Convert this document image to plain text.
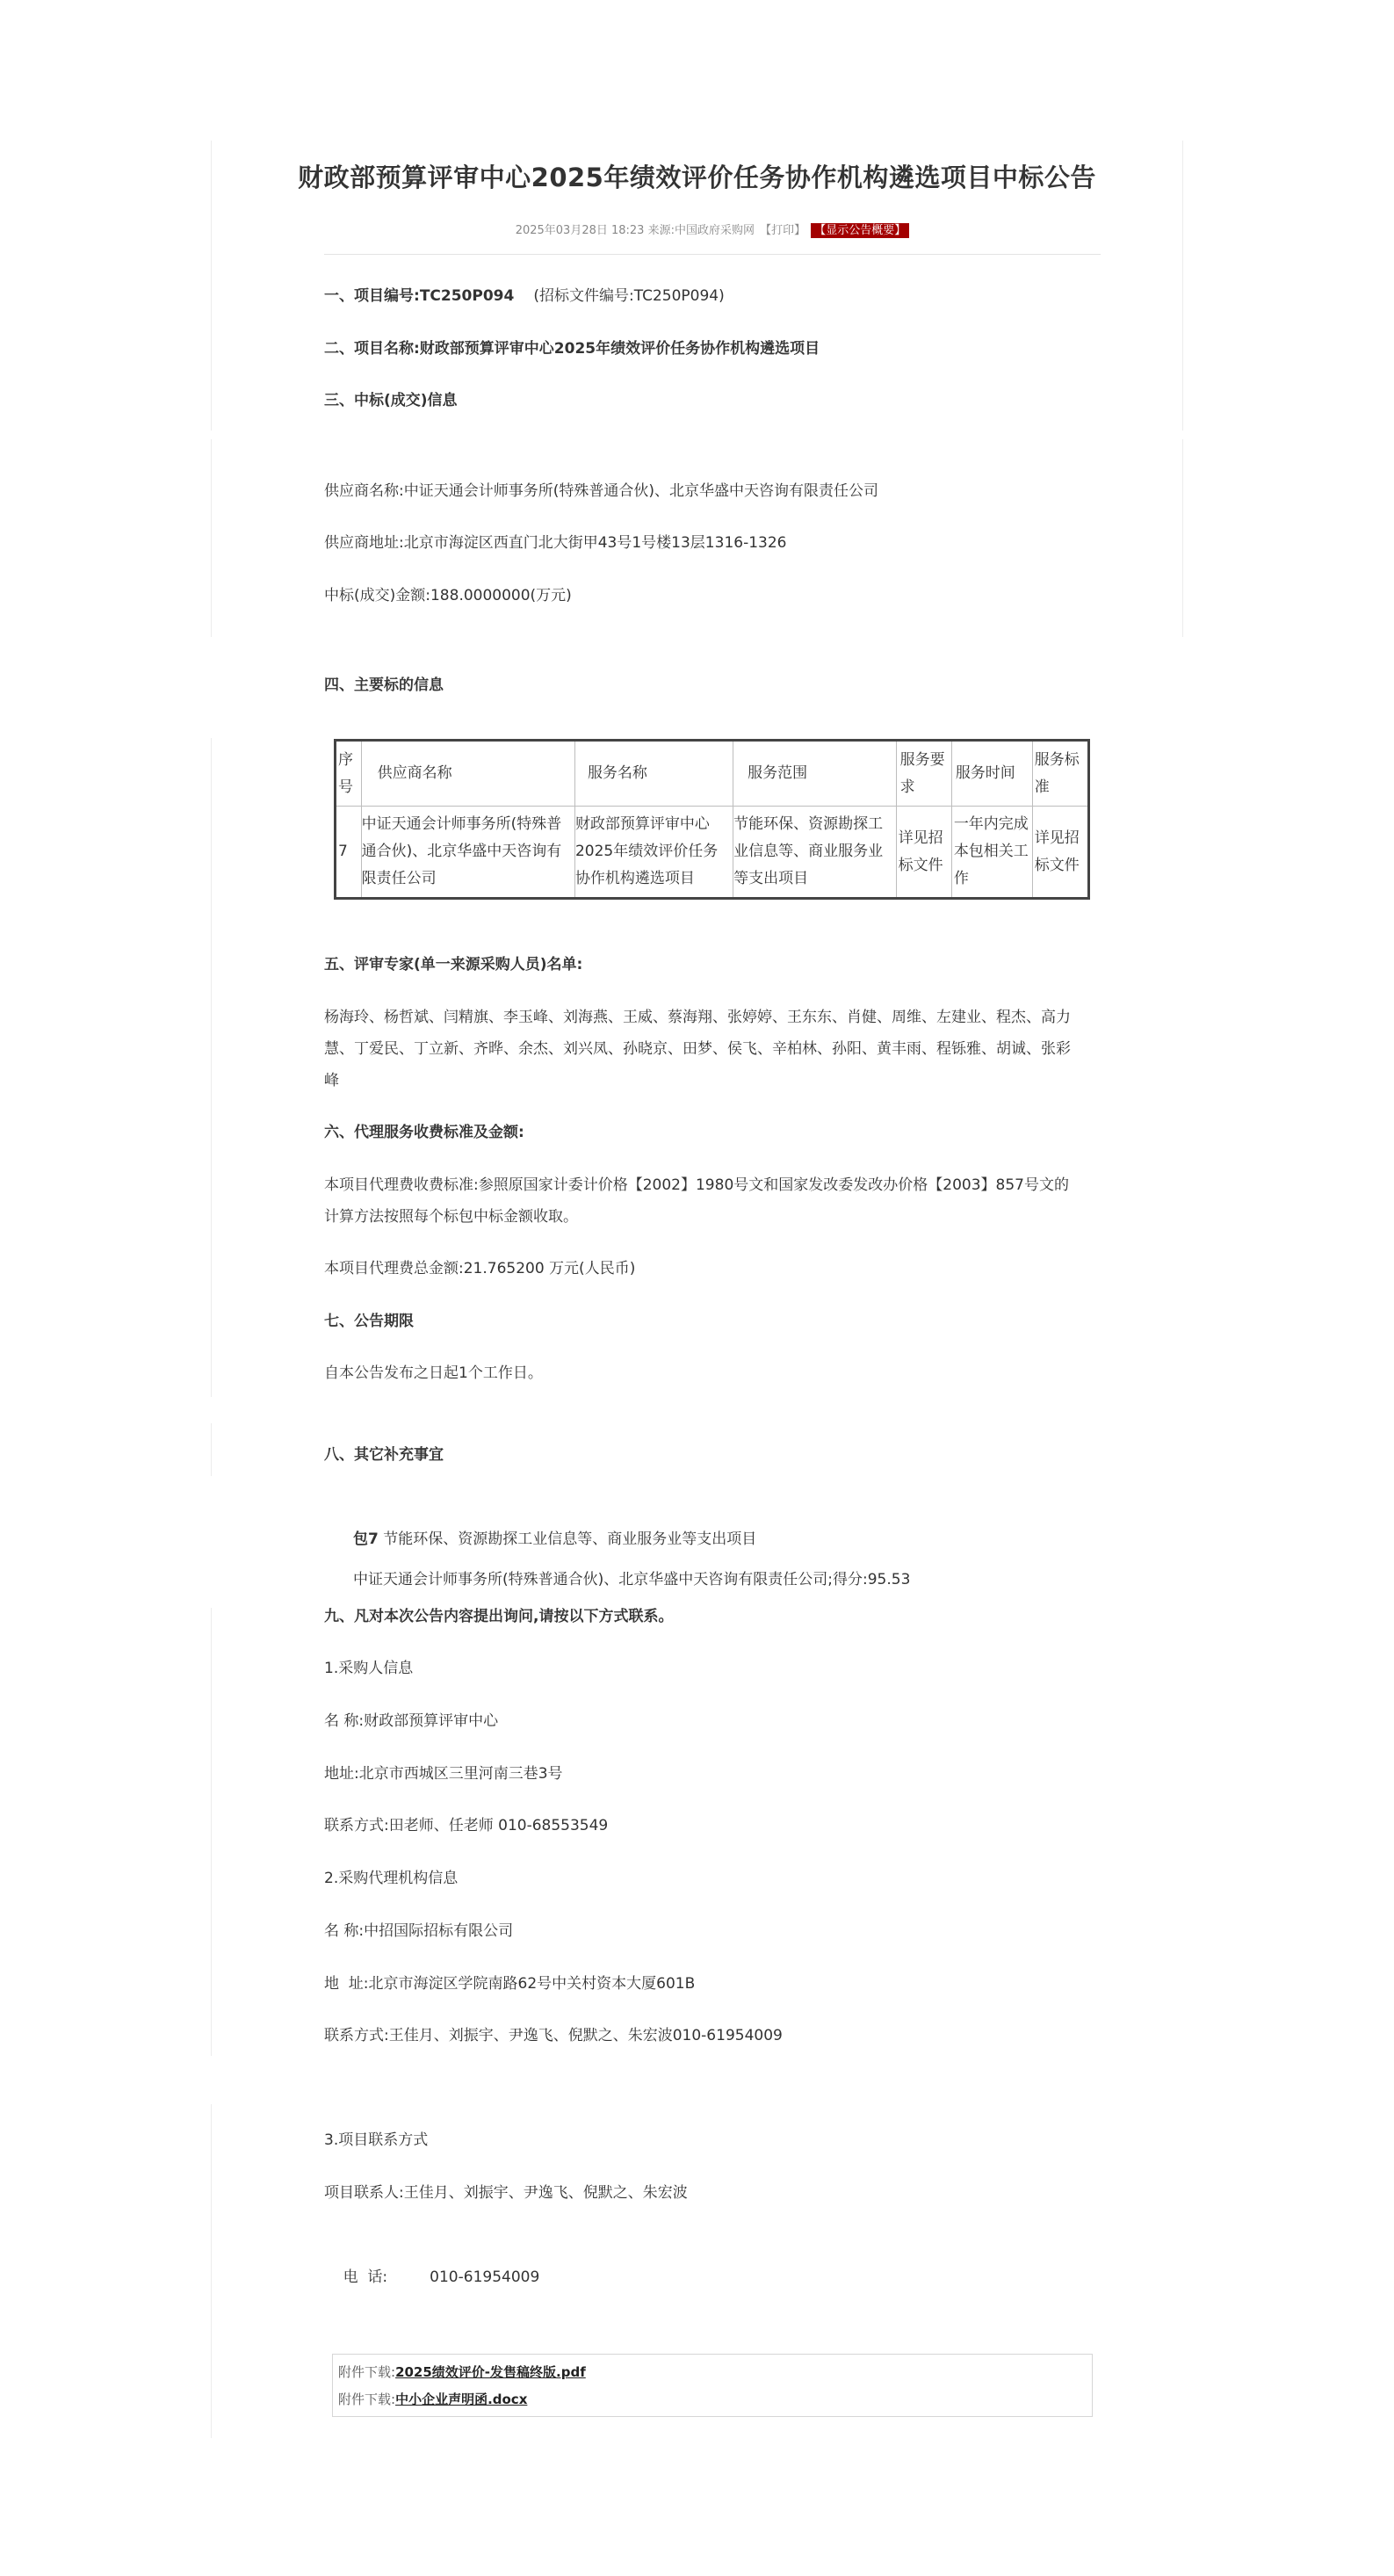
财政部预算评审中心2025年绩效评价任务协作机构遴选项目中标公告
2025年03月28日 18:23 来源:中国政府采购网 【打印】 【显示公告概要】
一、项目编号:TC250P094 (招标文件编号:TC250P094)
二、项目名称:财政部预算评审中心2025年绩效评价任务协作机构遴选项目
三、中标(成交)信息
供应商名称:中证天通会计师事务所(特殊普通合伙)、北京华盛中天咨询有限责任公司
供应商地址:北京市海淀区西直门北大街甲43号1号楼13层1316-1326
中标(成交)金额:188.0000000(万元)
四、主要标的信息
序号	供应商名称	服务名称	服务范围	服务要求	服务时间	服务标准
7	中证天通会计师事务所(特殊普通合伙)、北京华盛中天咨询有限责任公司	财政部预算评审中心2025年绩效评价任务协作机构遴选项目	节能环保、资源勘探工业信息等、商业服务业等支出项目	详见招标文件	一年内完成本包相关工作	详见招标文件
五、评审专家(单一来源采购人员)名单:
杨海玲、杨哲斌、闫精旗、李玉峰、刘海燕、王威、蔡海翔、张婷婷、王东东、肖健、周维、左建业、程杰、高力
慧、丁爱民、丁立新、齐晔、余杰、刘兴凤、孙晓京、田梦、侯飞、辛柏林、孙阳、黄丰雨、程铄雅、胡诚、张彩
峰
六、代理服务收费标准及金额:
本项目代理费收费标准:参照原国家计委计价格【2002】1980号文和国家发改委发改办价格【2003】857号文的
计算方法按照每个标包中标金额收取。
本项目代理费总金额:21.765200 万元(人民币)
七、公告期限
自本公告发布之日起1个工作日。
八、其它补充事宜
包7 节能环保、资源勘探工业信息等、商业服务业等支出项目
中证天通会计师事务所(特殊普通合伙)、北京华盛中天咨询有限责任公司;得分:95.53
九、凡对本次公告内容提出询问,请按以下方式联系。
1.采购人信息
名 称:财政部预算评审中心
地址:北京市西城区三里河南三巷3号
联系方式:田老师、任老师 010-68553549
2.采购代理机构信息
名 称:中招国际招标有限公司
地  址:北京市海淀区学院南路62号中关村资本大厦601B
联系方式:王佳月、刘振宇、尹逸飞、倪默之、朱宏波010-61954009
3.项目联系方式
项目联系人:王佳月、刘振宇、尹逸飞、倪默之、朱宏波

电  话:	010-61954009

附件下载:2025绩效评价-发售稿终版.pdf
附件下载:中小企业声明函.docx
